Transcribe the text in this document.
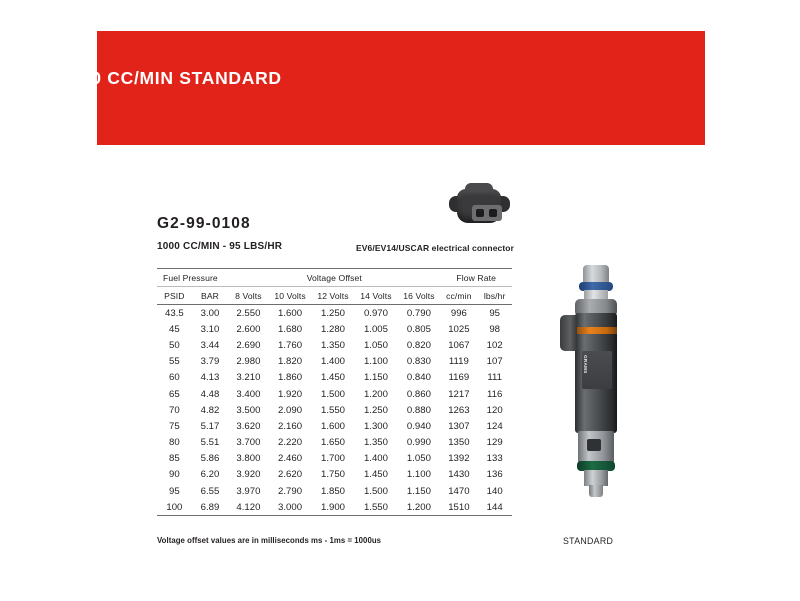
1000 CC/MIN STANDARD
G2-99-0108
1000 CC/MIN - 95 LBS/HR	EV6/EV14/USCAR electrical connector
Fuel Pressure		Voltage Offset					Flow Rate	
PSID	BAR	8 Volts	10 Volts	12 Volts	14 Volts	16 Volts	cc/min	lbs/hr
43.5	3.00	2.550	1.600	1.250	0.970	0.790	996	95
45	3.10	2.600	1.680	1.280	1.005	0.805	1025	98
50	3.44	2.690	1.760	1.350	1.050	0.820	1067	102
55	3.79	2.980	1.820	1.400	1.100	0.830	1119	107
60	4.13	3.210	1.860	1.450	1.150	0.840	1169	111
65	4.48	3.400	1.920	1.500	1.200	0.860	1217	116
70	4.82	3.500	2.090	1.550	1.250	0.880	1263	120
75	5.17	3.620	2.160	1.600	1.300	0.940	1307	124
80	5.51	3.700	2.220	1.650	1.350	0.990	1350	129
85	5.86	3.800	2.460	1.700	1.400	1.050	1392	133
90	6.20	3.920	2.620	1.750	1.450	1.100	1430	136
95	6.55	3.970	2.790	1.850	1.500	1.150	1470	140
100	6.89	4.120	3.000	1.900	1.550	1.200	1510	144
Voltage offset values are in milliseconds ms - 1ms = 1000us
GRAMS
STANDARD
